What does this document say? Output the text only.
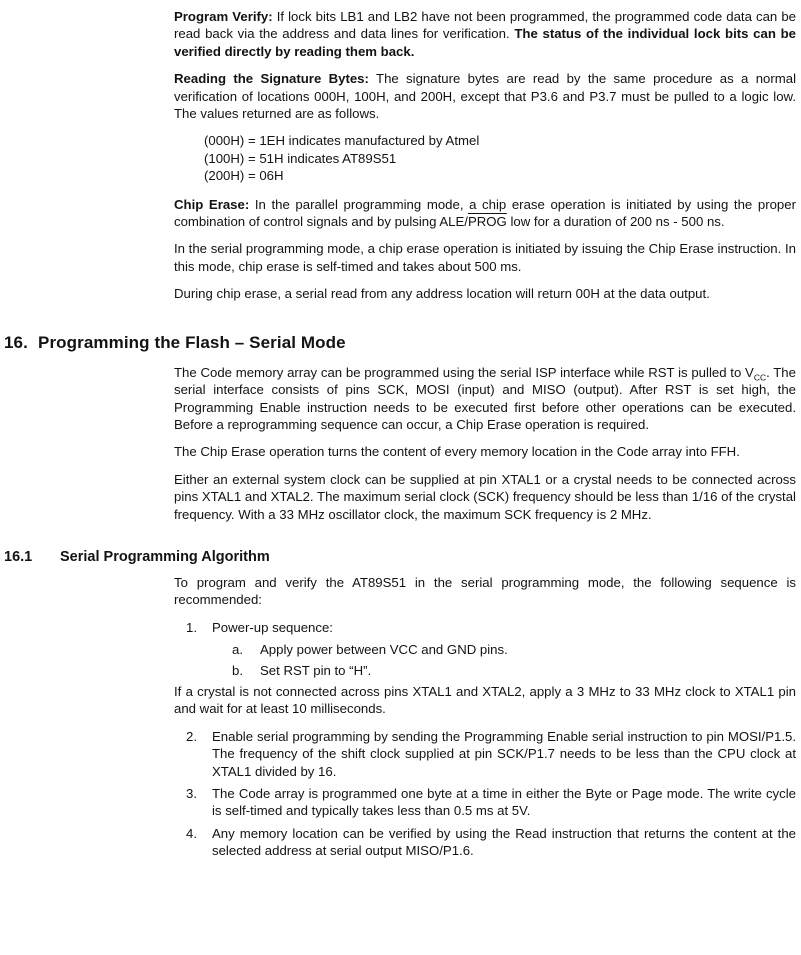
Program Verify: If lock bits LB1 and LB2 have not been programmed, the programmed code data can be read back via the address and data lines for verification. The status of the individual lock bits can be verified directly by reading them back.

Reading the Signature Bytes: The signature bytes are read by the same procedure as a normal verification of locations 000H, 100H, and 200H, except that P3.6 and P3.7 must be pulled to a logic low. The values returned are as follows.

(000H) = 1EH indicates manufactured by Atmel
(100H) = 51H indicates AT89S51
(200H) = 06H

Chip Erase: In the parallel programming mode, a chip erase operation is initiated by using the proper combination of control signals and by pulsing ALE/PROG low for a duration of 200 ns - 500 ns.

In the serial programming mode, a chip erase operation is initiated by issuing the Chip Erase instruction. In this mode, chip erase is self-timed and takes about 500 ms.

During chip erase, a serial read from any address location will return 00H at the data output.

16. Programming the Flash – Serial Mode

The Code memory array can be programmed using the serial ISP interface while RST is pulled to $V_{CC}$. The serial interface consists of pins SCK, MOSI (input) and MISO (output). After RST is set high, the Programming Enable instruction needs to be executed first before other operations can be executed. Before a reprogramming sequence can occur, a Chip Erase operation is required.

The Chip Erase operation turns the content of every memory location in the Code array into FFH.

Either an external system clock can be supplied at pin XTAL1 or a crystal needs to be connected across pins XTAL1 and XTAL2. The maximum serial clock (SCK) frequency should be less than 1/16 of the crystal frequency. With a 33 MHz oscillator clock, the maximum SCK frequency is 2 MHz.

16.1 Serial Programming Algorithm

To program and verify the AT89S51 in the serial programming mode, the following sequence is recommended:

1.	Power-up sequence:
a.	Apply power between VCC and GND pins.
b.	Set RST pin to “H”.

If a crystal is not connected across pins XTAL1 and XTAL2, apply a 3 MHz to 33 MHz clock to XTAL1 pin and wait for at least 10 milliseconds.

2.	Enable serial programming by sending the Programming Enable serial instruction to pin MOSI/P1.5. The frequency of the shift clock supplied at pin SCK/P1.7 needs to be less than the CPU clock at XTAL1 divided by 16.
3.	The Code array is programmed one byte at a time in either the Byte or Page mode. The write cycle is self-timed and typically takes less than 0.5 ms at 5V.
4.	Any memory location can be verified by using the Read instruction that returns the content at the selected address at serial output MISO/P1.6.
